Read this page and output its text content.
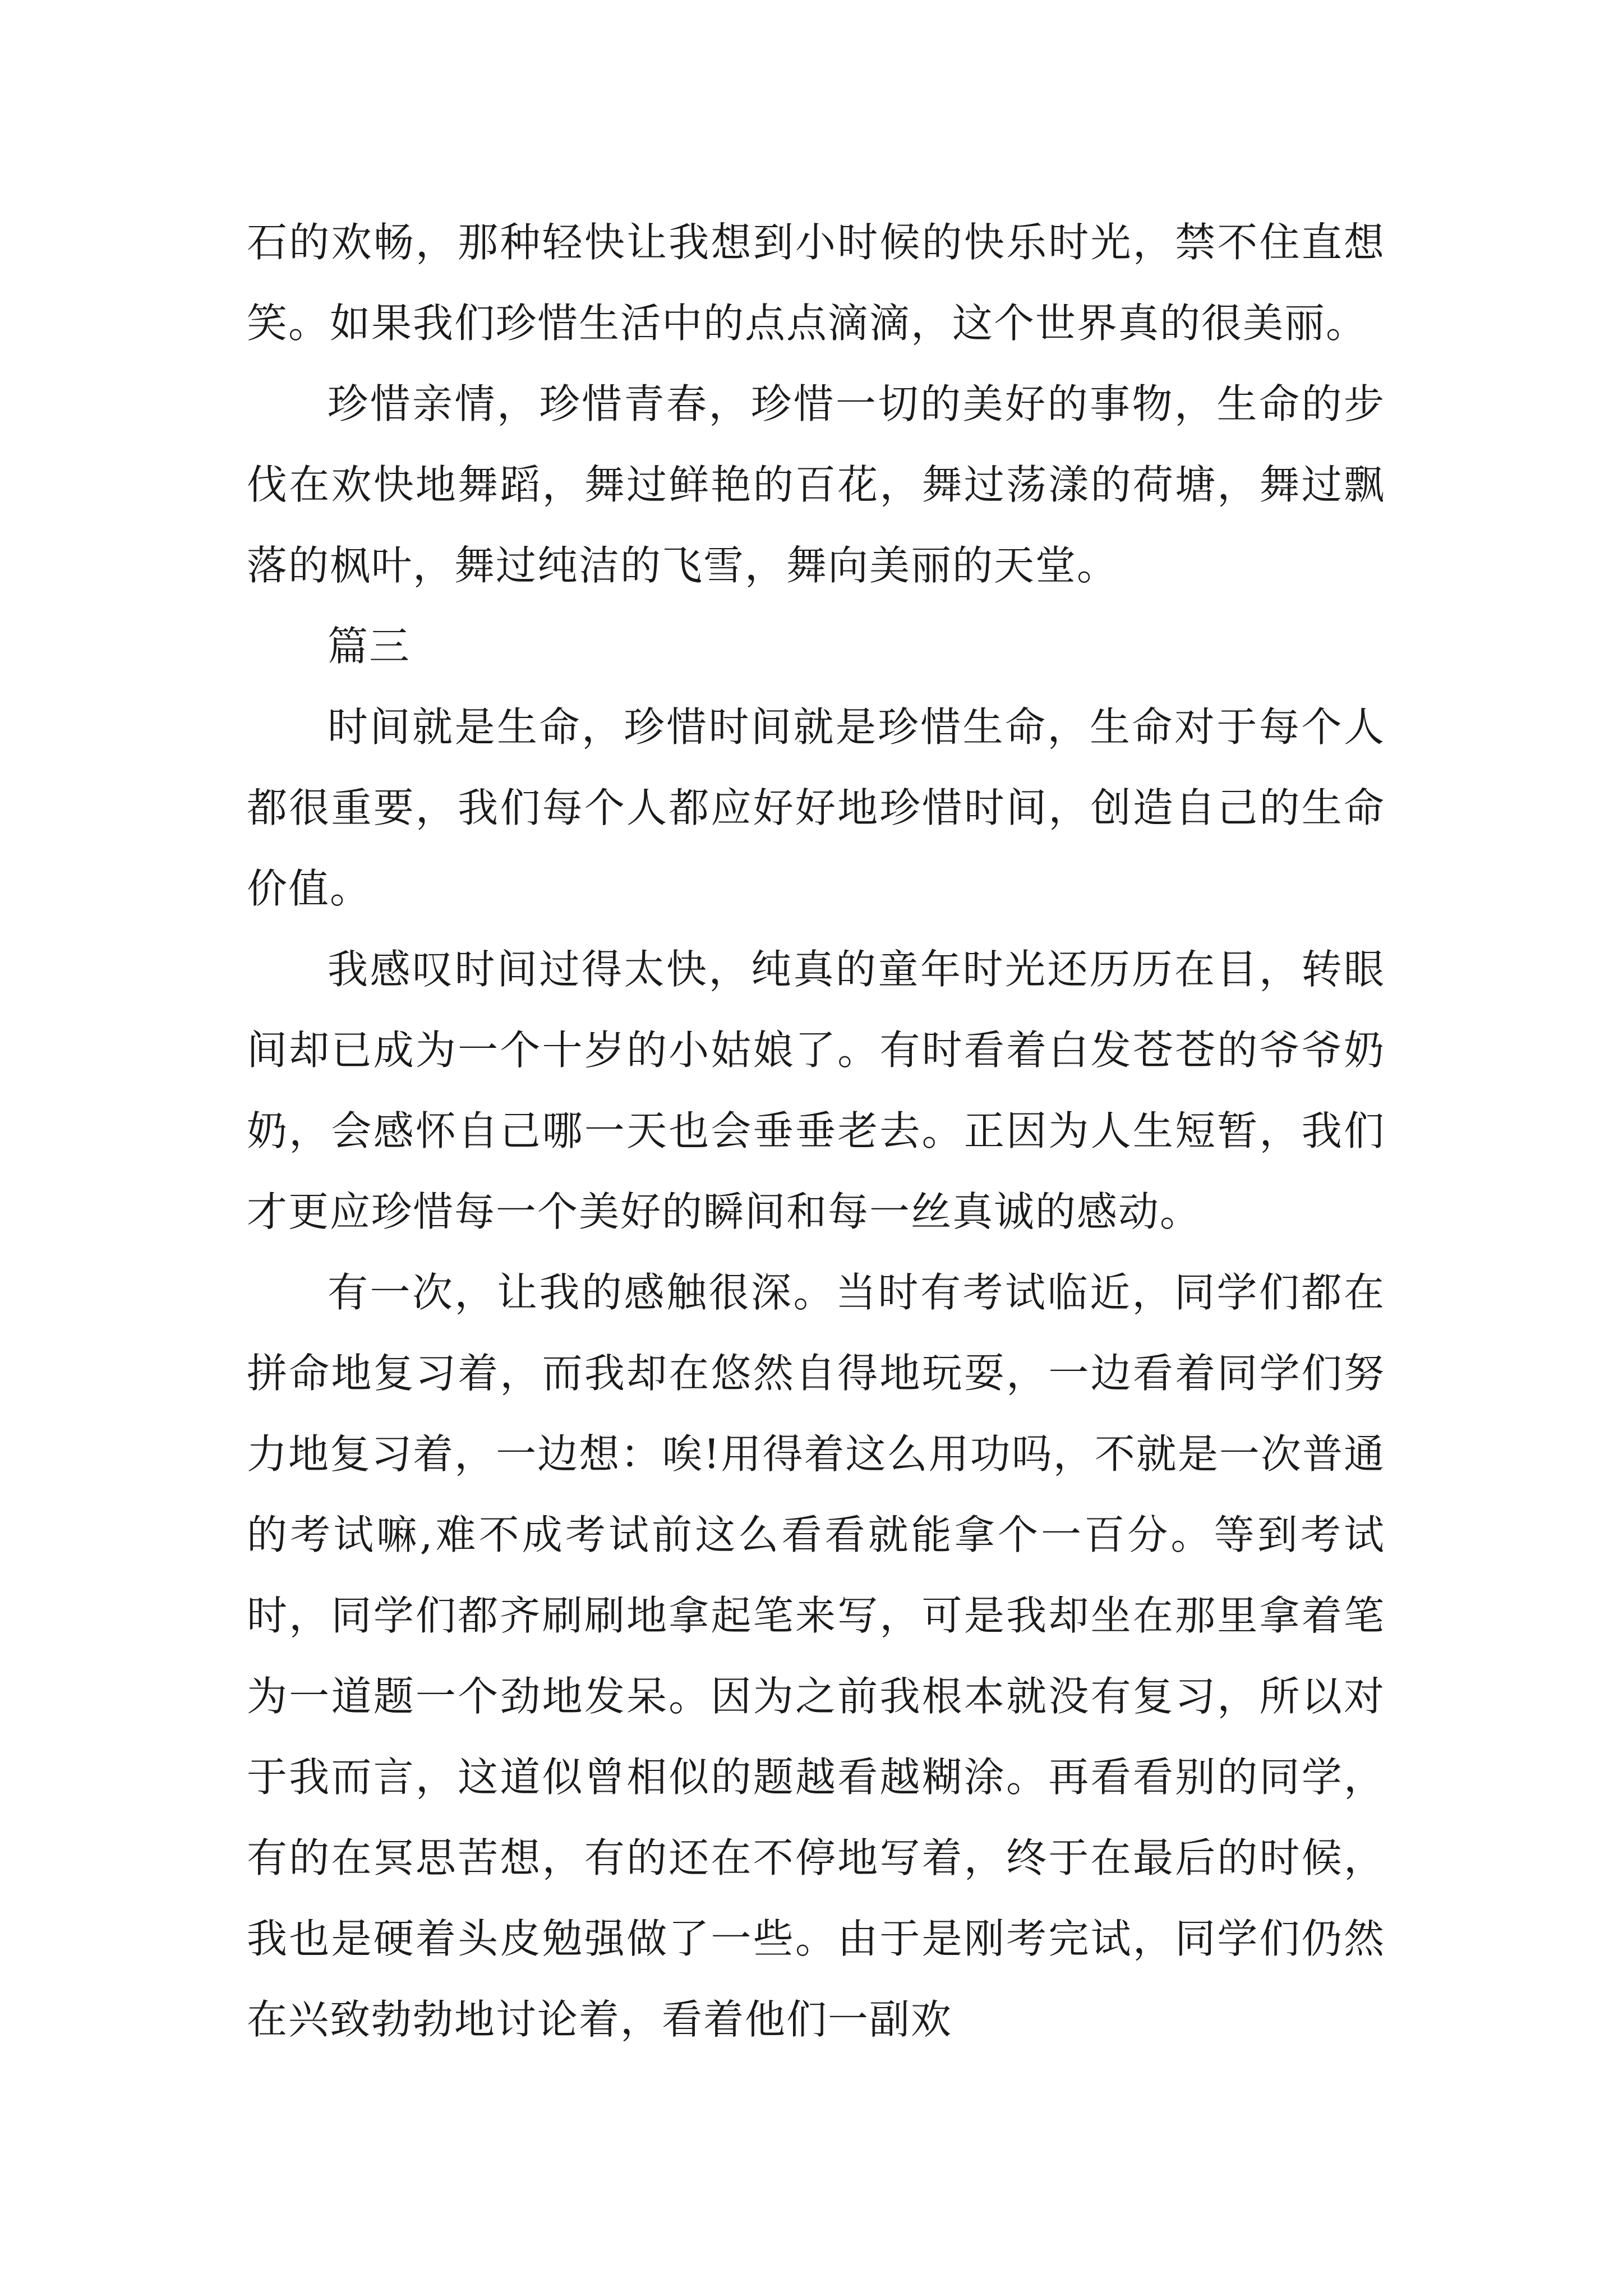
石的欢畅，那种轻快让我想到小时候的快乐时光，禁不住直想笑。如果我们珍惜生活中的点点滴滴，这个世界真的很美丽。

珍惜亲情，珍惜青春，珍惜一切的美好的事物，生命的步伐在欢快地舞蹈，舞过鲜艳的百花，舞过荡漾的荷塘，舞过飘落的枫叶，舞过纯洁的飞雪，舞向美丽的天堂。

篇三

时间就是生命，珍惜时间就是珍惜生命，生命对于每个人都很重要，我们每个人都应好好地珍惜时间，创造自己的生命价值。

我感叹时间过得太快，纯真的童年时光还历历在目，转眼间却已成为一个十岁的小姑娘了。有时看着白发苍苍的爷爷奶奶，会感怀自己哪一天也会垂垂老去。正因为人生短暂，我们才更应珍惜每一个美好的瞬间和每一丝真诚的感动。

有一次，让我的感触很深。当时有考试临近，同学们都在拼命地复习着，而我却在悠然自得地玩耍，一边看着同学们努力地复习着，一边想：唉!用得着这么用功吗，不就是一次普通的考试嘛,难不成考试前这么看看就能拿个一百分。等到考试时，同学们都齐刷刷地拿起笔来写，可是我却坐在那里拿着笔为一道题一个劲地发呆。因为之前我根本就没有复习，所以对于我而言，这道似曾相似的题越看越糊涂。再看看别的同学，有的在冥思苦想，有的还在不停地写着，终于在最后的时候，我也是硬着头皮勉强做了一些。由于是刚考完试，同学们仍然在兴致勃勃地讨论着，看着他们一副欢
